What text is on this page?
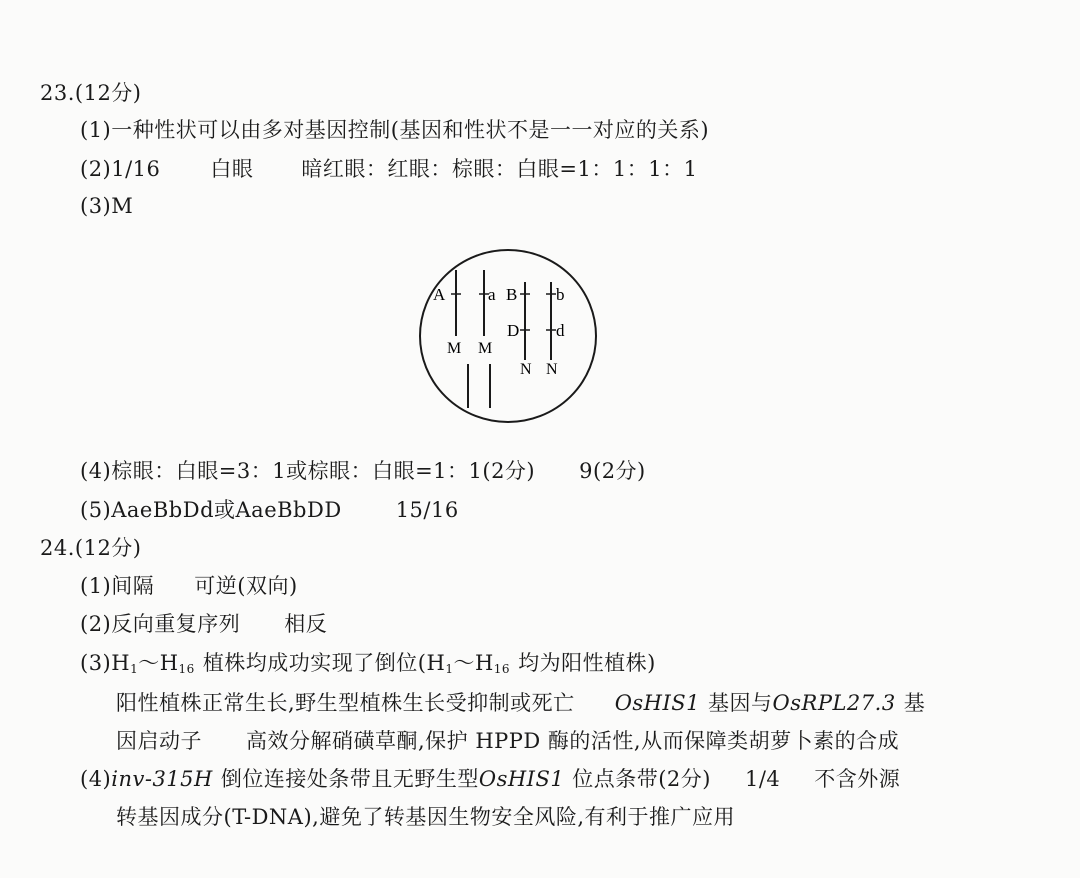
23.(12分)
(1)一种性状可以由多对基因控制(基因和性状不是一一对应的关系)
(2)1/16 白眼 暗红眼：红眼：棕眼：白眼=1：1：1：1
(3)M
A	a B b
D d
M M
N N
(4)棕眼：白眼=3：1或棕眼：白眼=1：1(2分) 9(2分)
(5)AaeBbDd或AaeBbDD	15/16
24.(12分)
(1)间隔 可逆(双向)
(2)反向重复序列 相反
$(3)H_1\sim H_{16}$ 植株均成功实现了倒位($H_1\sim H_{16}$ 均为阳性植株)
阳性植株正常生长,野生型植株生长受抑制或死亡 OsHIS1 基因与OsRPL27.3 基
因启动子 高效分解硝磺草酮,保护 HPPD 酶的活性,从而保障类胡萝卜素的合成
(4)inv-315H 倒位连接处条带且无野生型OsHIS1 位点条带(2分) 1/4 不含外源
转基因成分(T-DNA),避免了转基因生物安全风险,有利于推广应用
